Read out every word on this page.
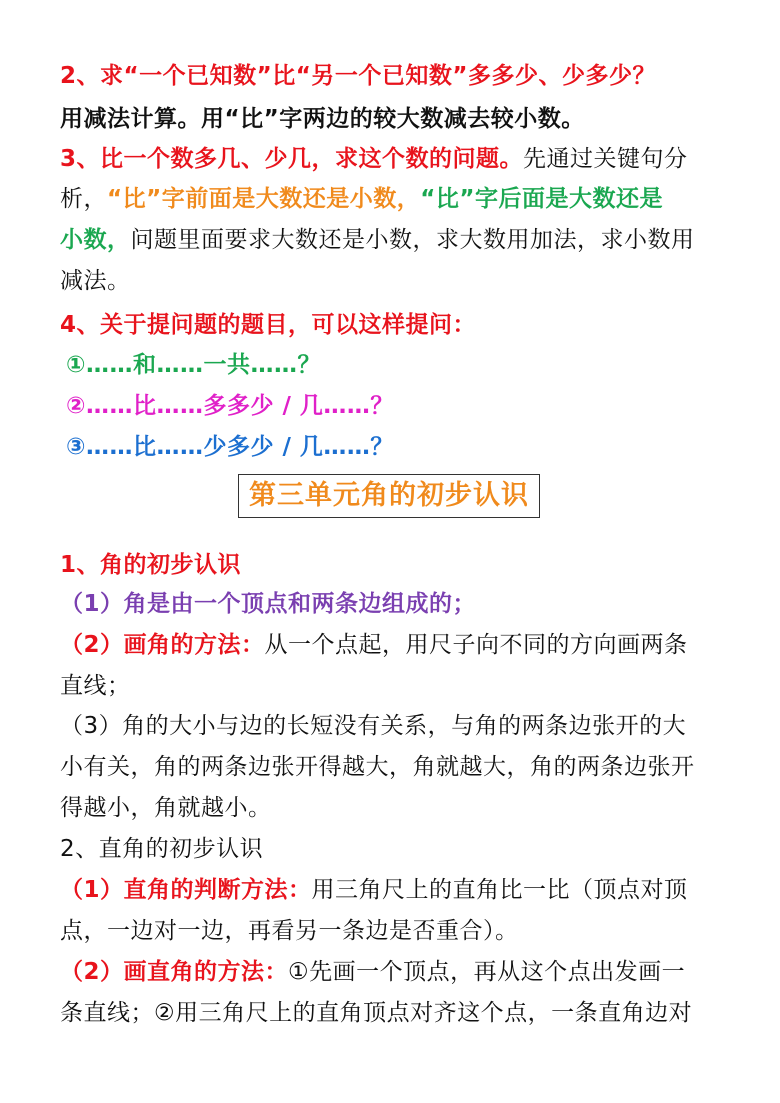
2、求“一个已知数”比“另一个已知数”多多少、少多少？
用减法计算。用“比”字两边的较大数减去较小数。
3、比一个数多几、少几，求这个数的问题。先通过关键句分
析，“比”字前面是大数还是小数，“比”字后面是大数还是
小数，问题里面要求大数还是小数，求大数用加法，求小数用
减法。
4、关于提问题的题目，可以这样提问：
①……和……一共……？
②……比……多多少 / 几……？
③……比……少多少 / 几……？
第三单元角的初步认识
1、角的初步认识
（1）角是由一个顶点和两条边组成的；
（2）画角的方法：从一个点起，用尺子向不同的方向画两条
直线；
（3）角的大小与边的长短没有关系，与角的两条边张开的大
小有关，角的两条边张开得越大，角就越大，角的两条边张开
得越小，角就越小。
2、直角的初步认识
（1）直角的判断方法：用三角尺上的直角比一比（顶点对顶
点，一边对一边，再看另一条边是否重合）。
（2）画直角的方法：①先画一个顶点，再从这个点出发画一
条直线；②用三角尺上的直角顶点对齐这个点，一条直角边对
